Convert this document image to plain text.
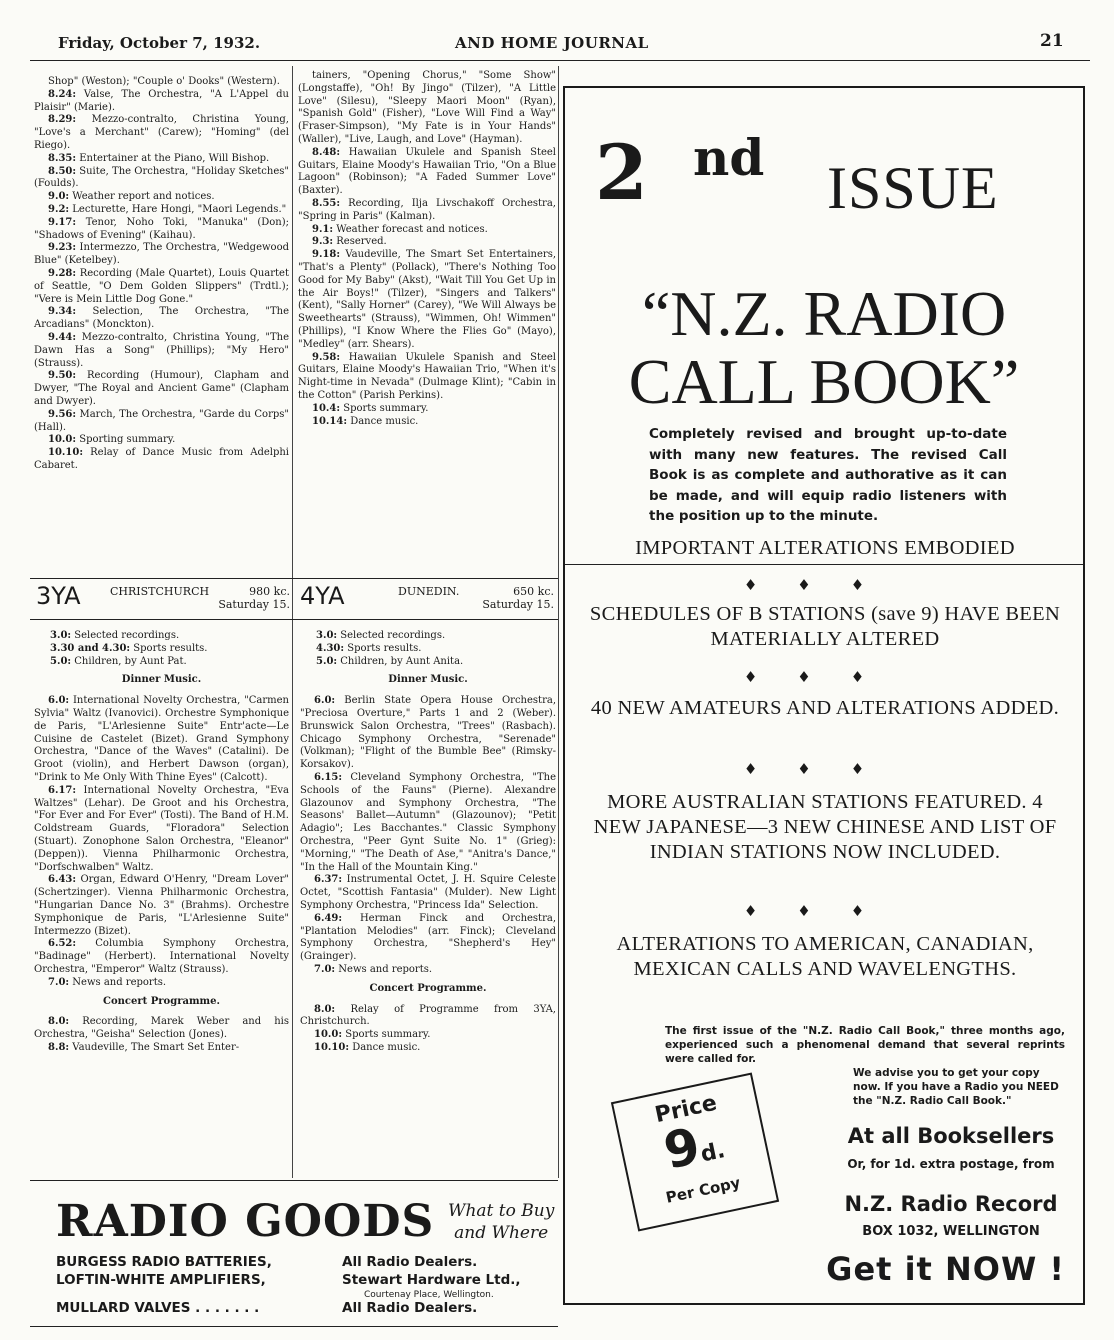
Friday, October 7, 1932.	AND HOME JOURNAL	21

Shop" (Weston); "Couple o' Dooks" (Western).

8.24: Valse, The Orchestra, "A L'Appel du Plaisir" (Marie).

8.29: Mezzo-contralto, Christina Young, "Love's a Merchant" (Carew); "Homing" (del Riego).

8.35: Entertainer at the Piano, Will Bishop.

8.50: Suite, The Orchestra, "Holiday Sketches" (Foulds).

9.0: Weather report and notices.

9.2: Lecturette, Hare Hongi, "Maori Legends."

9.17: Tenor, Noho Toki, "Manuka" (Don); "Shadows of Evening" (Kaihau).

9.23: Intermezzo, The Orchestra, "Wedgewood Blue" (Ketelbey).

9.28: Recording (Male Quartet), Louis Quartet of Seattle, "O Dem Golden Slippers" (Trdtl.); "Vere is Mein Little Dog Gone."

9.34: Selection, The Orchestra, "The Arcadians" (Monckton).

9.44: Mezzo-contralto, Christina Young, "The Dawn Has a Song" (Phillips); "My Hero" (Strauss).

9.50: Recording (Humour), Clapham and Dwyer, "The Royal and Ancient Game" (Clapham and Dwyer).

9.56: March, The Orchestra, "Garde du Corps" (Hall).

10.0: Sporting summary.

10.10: Relay of Dance Music from Adelphi Cabaret.

tainers, "Opening Chorus," "Some Show" (Longstaffe), "Oh! By Jingo" (Tilzer), "A Little Love" (Silesu), "Sleepy Maori Moon" (Ryan), "Spanish Gold" (Fisher), "Love Will Find a Way" (Fraser-Simpson), "My Fate is in Your Hands" (Waller), "Live, Laugh, and Love" (Hayman).

8.48: Hawaiian Ukulele and Spanish Steel Guitars, Elaine Moody's Hawaiian Trio, "On a Blue Lagoon" (Robinson); "A Faded Summer Love" (Baxter).

8.55: Recording, Ilja Livschakoff Orchestra, "Spring in Paris" (Kalman).

9.1: Weather forecast and notices.

9.3: Reserved.

9.18: Vaudeville, The Smart Set Entertainers, "That's a Plenty" (Pollack), "There's Nothing Too Good for My Baby" (Akst), "Wait Till You Get Up in the Air Boys!" (Tilzer), "Singers and Talkers" (Kent), "Sally Horner" (Carey), "We Will Always be Sweethearts" (Strauss), "Wimmen, Oh! Wimmen" (Phillips), "I Know Where the Flies Go" (Mayo), "Medley" (arr. Shears).

9.58: Hawaiian Ukulele Spanish and Steel Guitars, Elaine Moody's Hawaiian Trio, "When it's Night-time in Nevada" (Dulmage Klint); "Cabin in the Cotton" (Parish Perkins).

10.4: Sports summary.

10.14: Dance music.

3YA	CHRISTCHURCH	980 kc.
Saturday 15. 4YA	DUNEDIN.	650 kc.
Saturday 15.

3.0: Selected recordings.

3.30 and 4.30: Sports results.

5.0: Children, by Aunt Pat.

Dinner Music.

6.0: International Novelty Orchestra, "Carmen Sylvia" Waltz (Ivanovici). Orchestre Symphonique de Paris, "L'Arlesienne Suite" Entr'acte—Le Cuisine de Castelet (Bizet). Grand Symphony Orchestra, "Dance of the Waves" (Catalini). De Groot (violin), and Herbert Dawson (organ), "Drink to Me Only With Thine Eyes" (Calcott).

6.17: International Novelty Orchestra, "Eva Waltzes" (Lehar). De Groot and his Orchestra, "For Ever and For Ever" (Tosti). The Band of H.M. Coldstream Guards, "Floradora" Selection (Stuart). Zonophone Salon Orchestra, "Eleanor" (Deppen)). Vienna Philharmonic Orchestra, "Dorfschwalben" Waltz.

6.43: Organ, Edward O'Henry, "Dream Lover" (Schertzinger). Vienna Philharmonic Orchestra, "Hungarian Dance No. 3" (Brahms). Orchestre Symphonique de Paris, "L'Arlesienne Suite" Intermezzo (Bizet).

6.52: Columbia Symphony Orchestra, "Badinage" (Herbert). International Novelty Orchestra, "Emperor" Waltz (Strauss).

7.0: News and reports.

Concert Programme.

8.0: Recording, Marek Weber and his Orchestra, "Geisha" Selection (Jones).

8.8: Vaudeville, The Smart Set Enter-

3.0: Selected recordings.

4.30: Sports results.

5.0: Children, by Aunt Anita.

Dinner Music.

6.0: Berlin State Opera House Orchestra, "Preciosa Overture," Parts 1 and 2 (Weber). Brunswick Salon Orchestra, "Trees" (Rasbach). Chicago Symphony Orchestra, "Serenade" (Volkman); "Flight of the Bumble Bee" (Rimsky-Korsakov).

6.15: Cleveland Symphony Orchestra, "The Schools of the Fauns" (Pierne). Alexandre Glazounov and Symphony Orchestra, "The Seasons' Ballet—Autumn" (Glazounov); "Petit Adagio"; Les Bacchantes." Classic Symphony Orchestra, "Peer Gynt Suite No. 1" (Grieg): "Morning," "The Death of Ase," "Anitra's Dance," "In the Hall of the Mountain King."

6.37: Instrumental Octet, J. H. Squire Celeste Octet, "Scottish Fantasia" (Mulder). New Light Symphony Orchestra, "Princess Ida" Selection.

6.49: Herman Finck and Orchestra, "Plantation Melodies" (arr. Finck); Cleveland Symphony Orchestra, "Shepherd's Hey" (Grainger).

7.0: News and reports.

Concert Programme.

8.0: Relay of Programme from 3YA, Christchurch.

10.0: Sports summary.

10.10: Dance music.

RADIO GOODS What to Buy
and Where
BURGESS RADIO BATTERIES,	All Radio Dealers.
LOFTIN-WHITE AMPLIFIERS,	Stewart Hardware Ltd.,
Courtenay Place, Wellington.
MULLARD VALVES . . . . . . .	All Radio Dealers.
2 nd ISSUE
“N.Z. RADIO
CALL BOOK”
Completely revised and brought up-to-date with many new features. The revised Call Book is as complete and authorative as it can be made, and will equip radio listeners with the position up to the minute.
IMPORTANT ALTERATIONS EMBODIED
♦♦♦
SCHEDULES OF B STATIONS (save 9) HAVE BEEN MATERIALLY ALTERED
♦♦♦
40 NEW AMATEURS AND ALTERATIONS ADDED.
♦♦♦
MORE AUSTRALIAN STATIONS FEATURED. 4 NEW JAPANESE—3 NEW CHINESE AND LIST OF INDIAN STATIONS NOW INCLUDED.
♦♦♦
ALTERATIONS TO AMERICAN, CANADIAN, MEXICAN CALLS AND WAVELENGTHS.
The first issue of the "N.Z. Radio Call Book," three months ago, experienced such a phenomenal demand that several reprints were called for.
We advise you to get your copy now. If you have a Radio you NEED the "N.Z. Radio Call Book."
Price
9d.
Per Copy
At all Booksellers
Or, for 1d. extra postage, from
N.Z. Radio Record
BOX 1032, WELLINGTON
Get it NOW !
